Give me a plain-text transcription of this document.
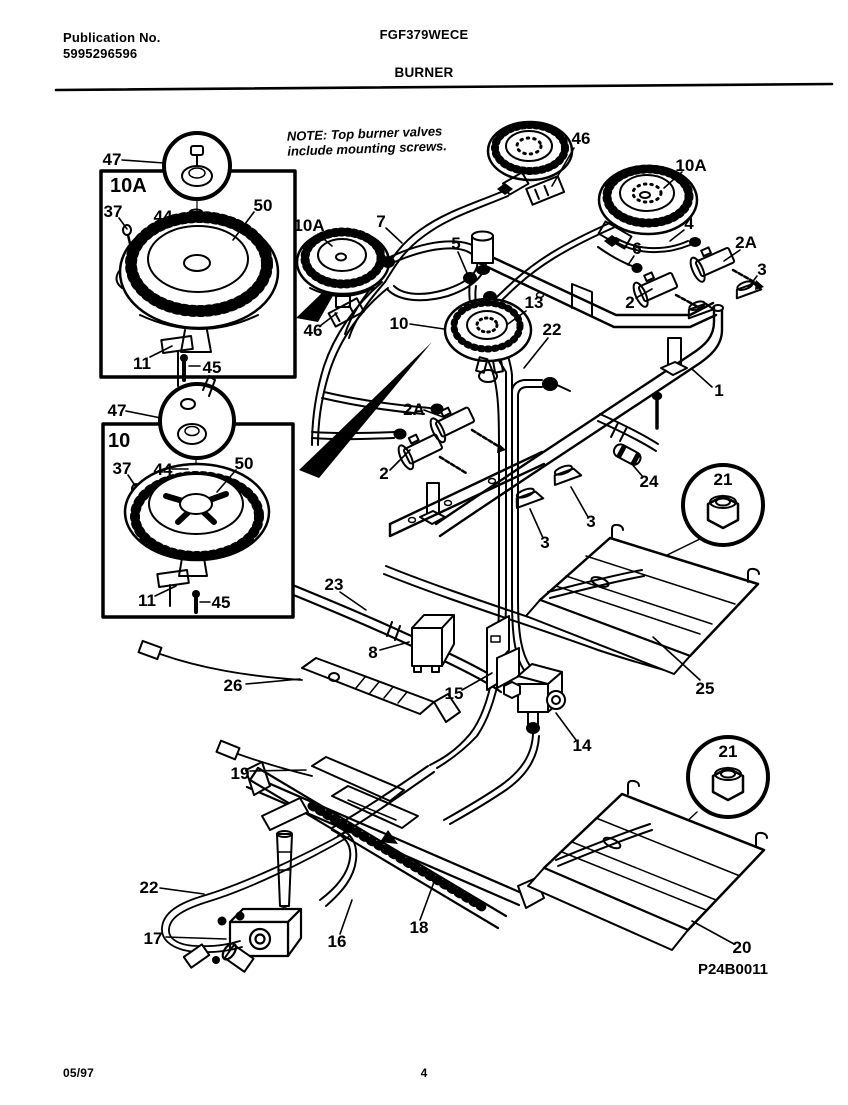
Publication No.
5995296596
FGF379WECE
BURNER
NOTE: Top burner valves
include mounting screws.
05/97	4
47
10A
37 44
50
11	45
46
10A
10A	7
5
4
2A
3
6
2
13
10
46	22
1
47
10
37 44	50
11	45
2A
2
3
3
24	21
23
8
26	15
14
25
19
22
17	16
18
21
20
P24B0011
